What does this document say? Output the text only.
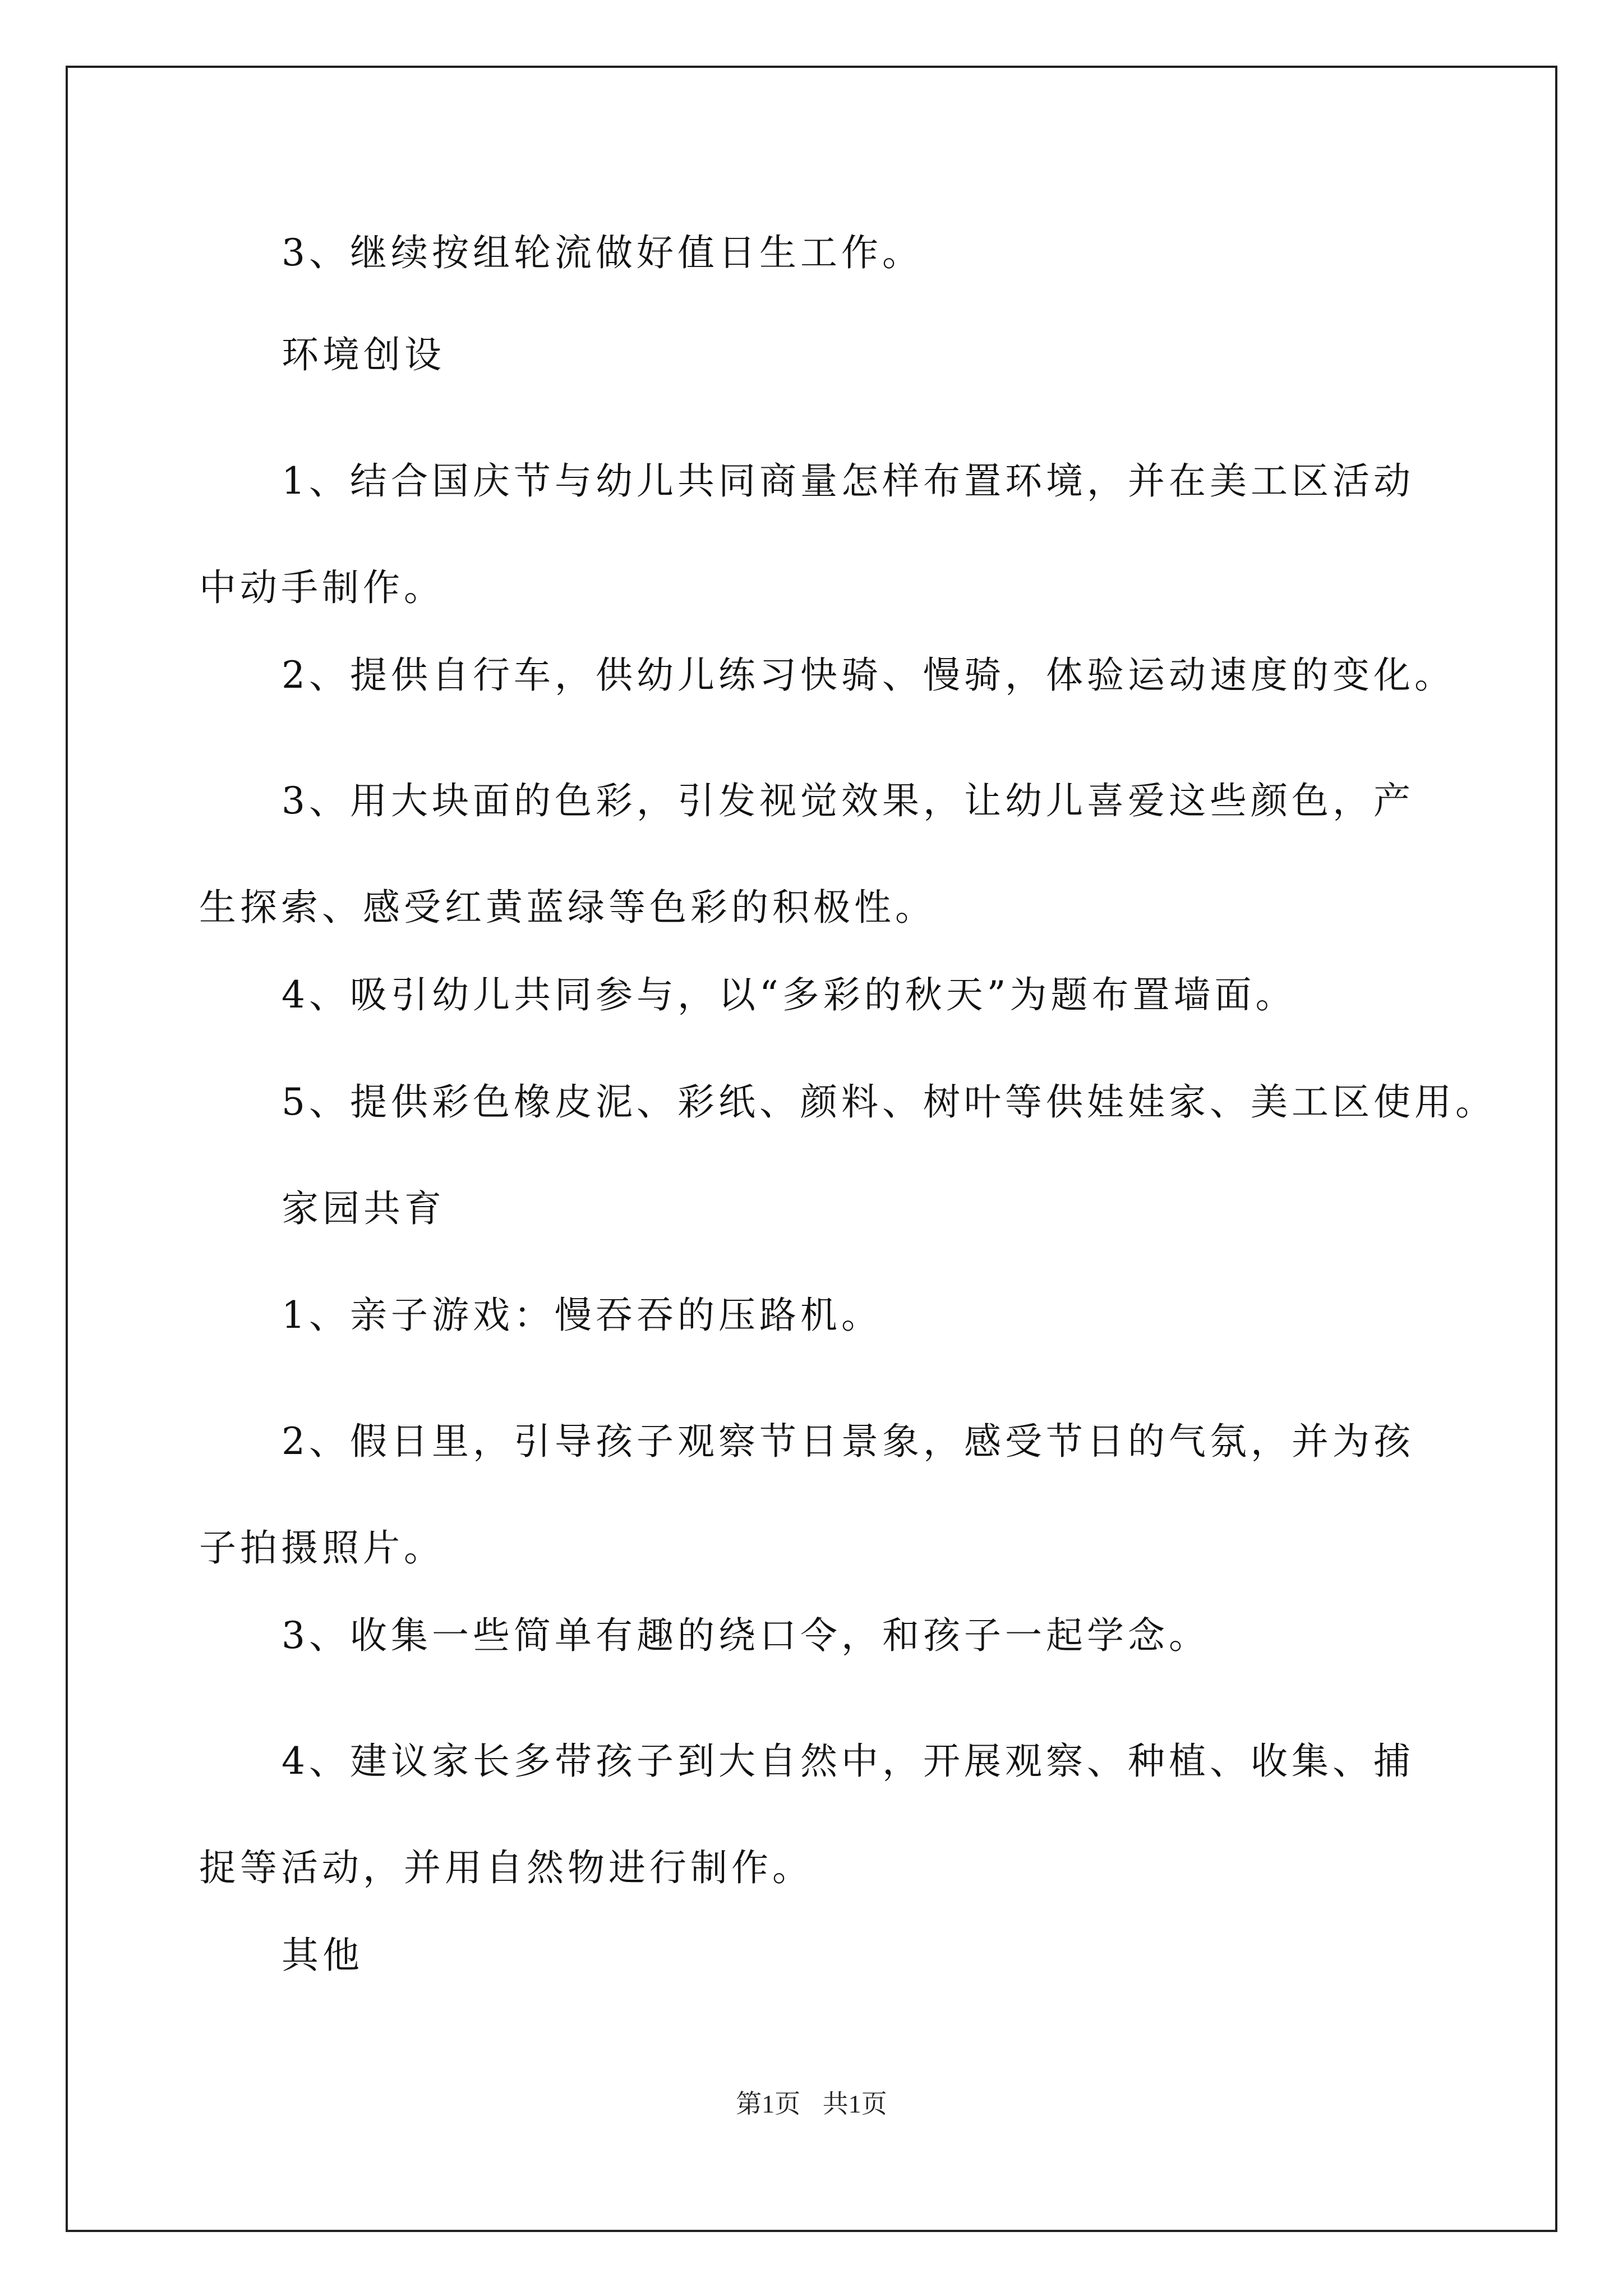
3、继续按组轮流做好值日生工作。
环境创设
1、结合国庆节与幼儿共同商量怎样布置环境，并在美工区活动中动手制作。
2、提供自行车，供幼儿练习快骑、慢骑，体验运动速度的变化。
3、用大块面的色彩，引发视觉效果，让幼儿喜爱这些颜色，产生探索、感受红黄蓝绿等色彩的积极性。
4、吸引幼儿共同参与，以“多彩的秋天”为题布置墙面。
5、提供彩色橡皮泥、彩纸、颜料、树叶等供娃娃家、美工区使用。
家园共育
1、亲子游戏：慢吞吞的压路机。
2、假日里，引导孩子观察节日景象，感受节日的气氛，并为孩子拍摄照片。
3、收集一些简单有趣的绕口令，和孩子一起学念。
4、建议家长多带孩子到大自然中，开展观察、种植、收集、捕捉等活动，并用自然物进行制作。
其他
第1页 共1页
